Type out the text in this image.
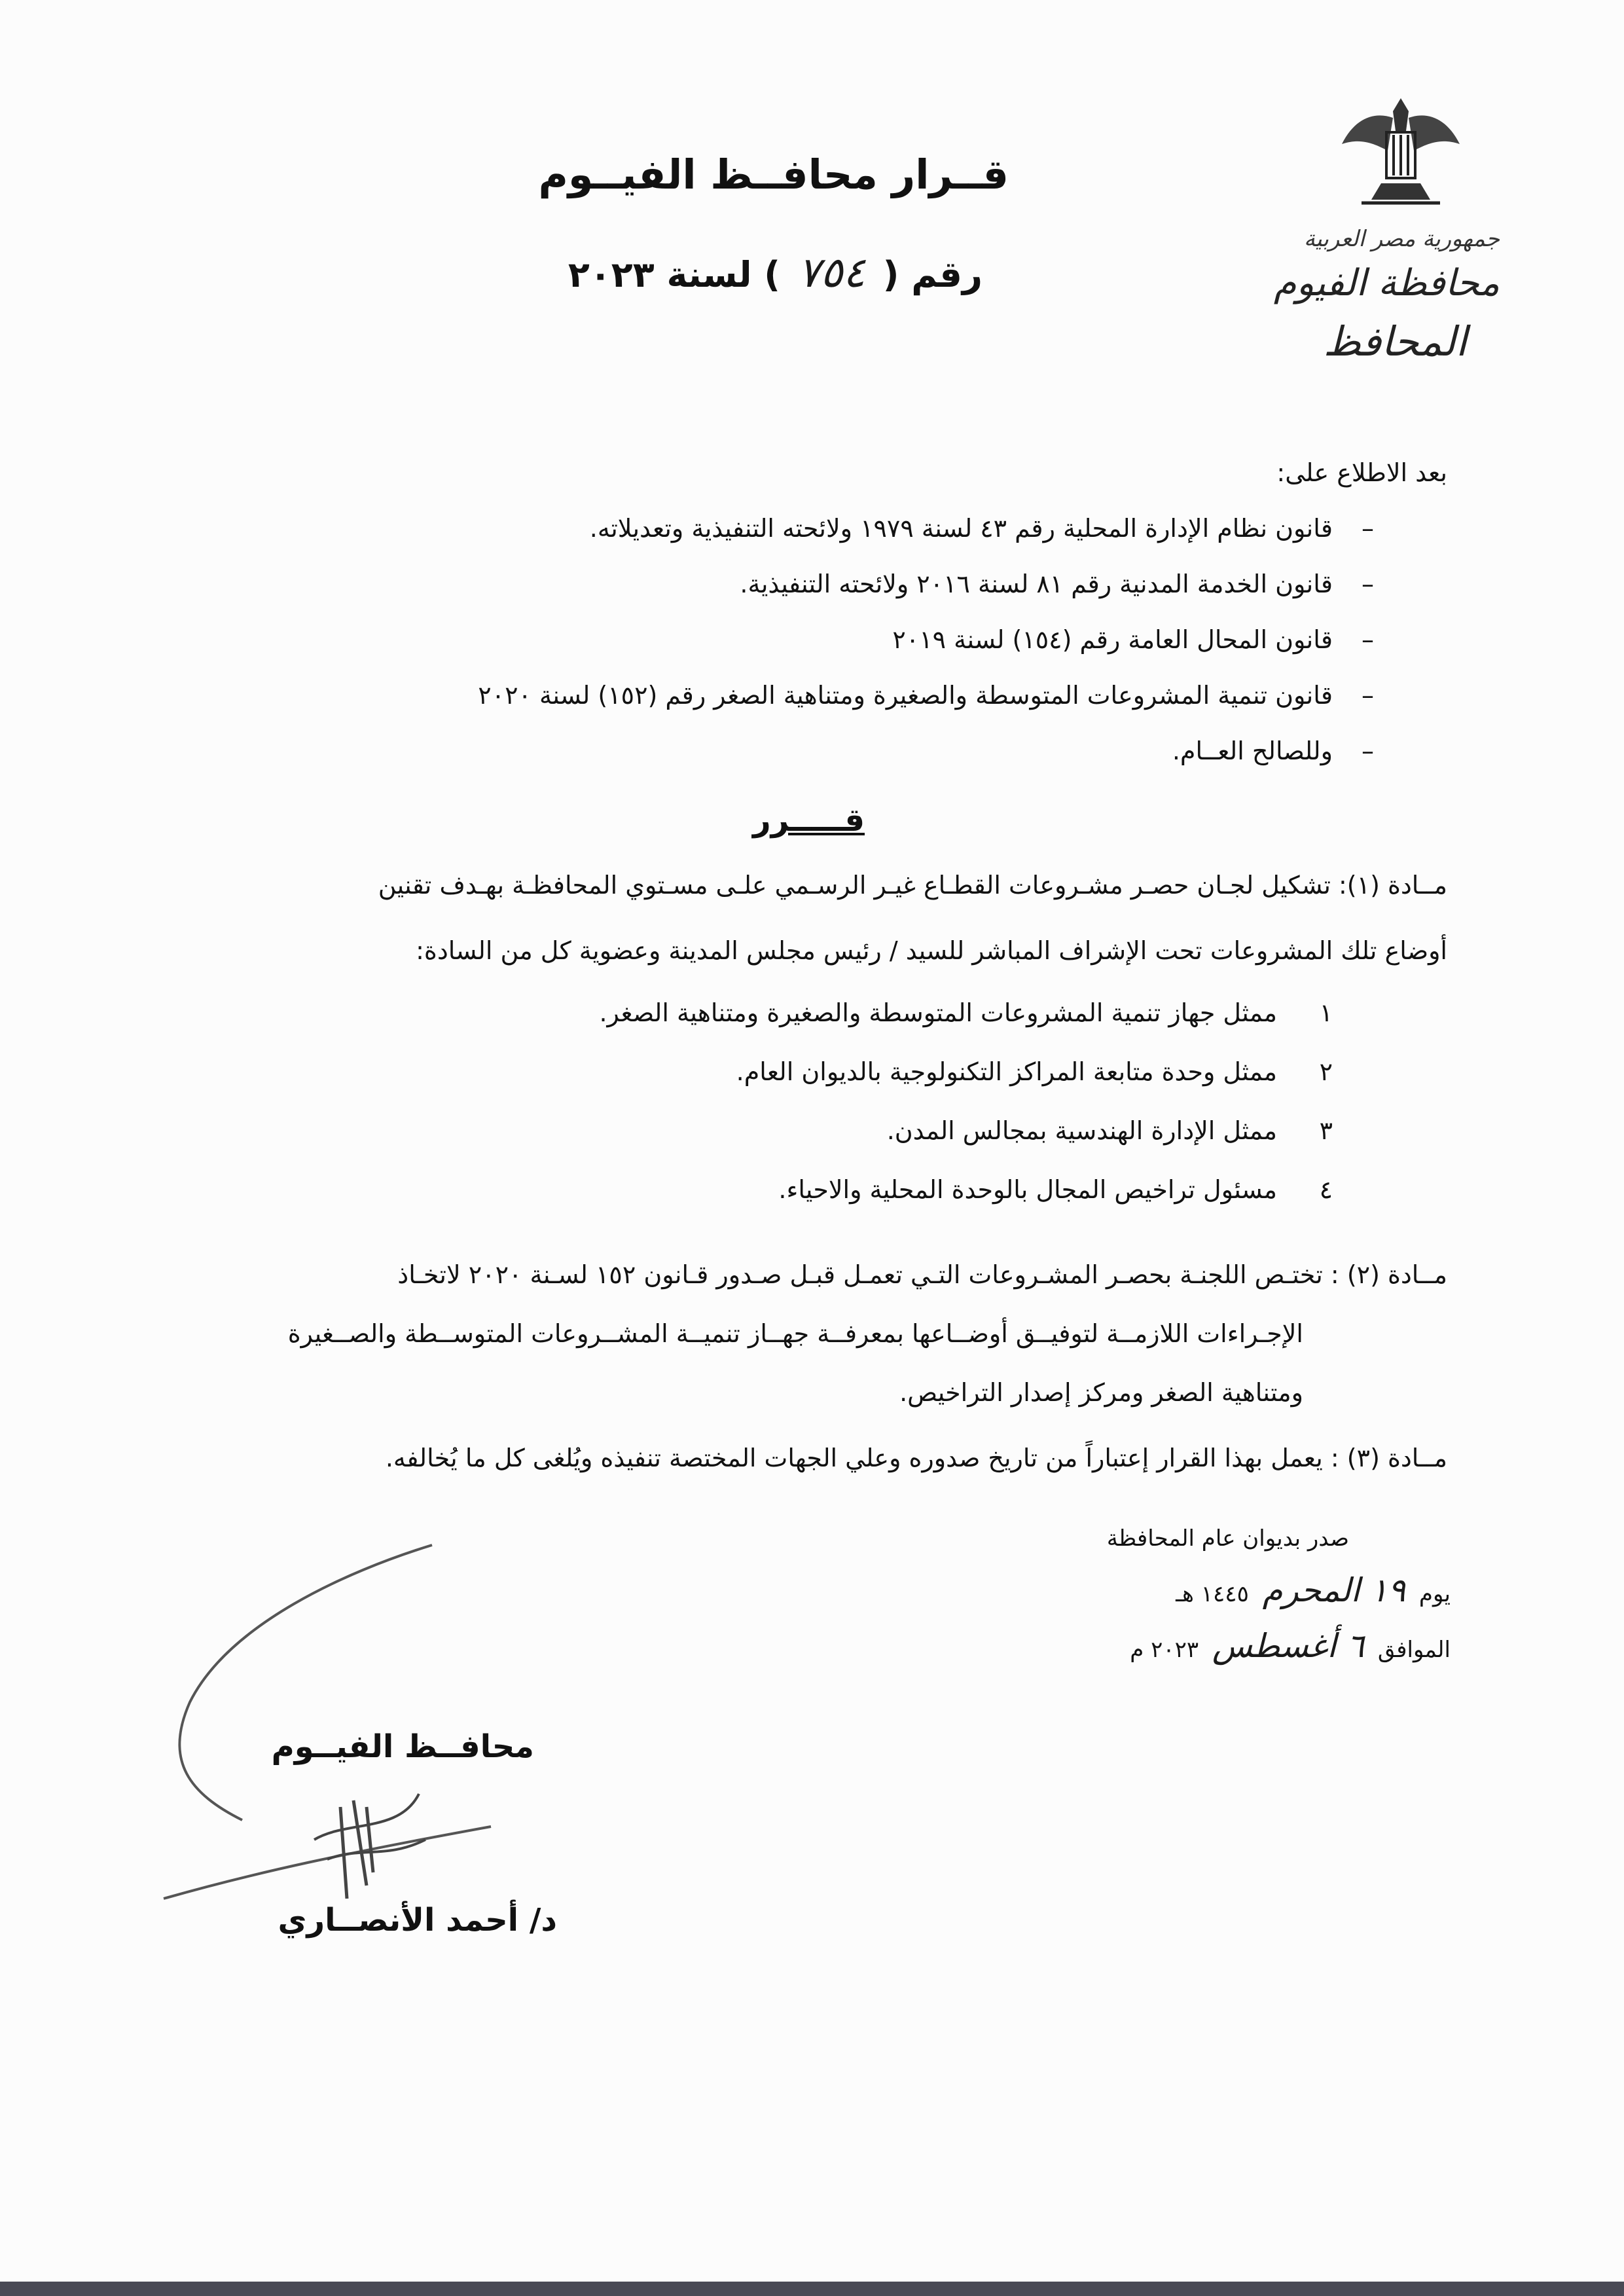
جمهورية مصر العربية
محافظة الفيوم
المحافظ
قــرار محافــظ الفيــوم
رقم ( ٧٥٤ ) لسنة ٢٠٢٣
بعد الاطلاع على:
–
قانون نظام الإدارة المحلية رقم ٤٣ لسنة ١٩٧٩ ولائحته التنفيذية وتعديلاته.
–
قانون الخدمة المدنية رقم ٨١ لسنة ٢٠١٦ ولائحته التنفيذية.
–
قانون المحال العامة رقم (١٥٤) لسنة ٢٠١٩
–
قانون تنمية المشروعات المتوسطة والصغيرة ومتناهية الصغر رقم (١٥٢) لسنة ٢٠٢٠
–
وللصالح العــام.
قـــــرر
مــادة (١): تشكيل لجـان حصـر مشـروعات القطـاع غيـر الرسـمي علـى مسـتوي المحافظـة بهـدف تقنين
أوضاع تلك المشروعات تحت الإشراف المباشر للسيد / رئيس مجلس المدينة وعضوية كل من السادة:
١
ممثل جهاز تنمية المشروعات المتوسطة والصغيرة ومتناهية الصغر.
٢
ممثل وحدة متابعة المراكز التكنولوجية بالديوان العام.
٣
ممثل الإدارة الهندسية بمجالس المدن.
٤
مسئول تراخيص المجال بالوحدة المحلية والاحياء.
مــادة (٢) : تختـص اللجنـة بحصـر المشـروعات التـي تعمـل قبـل صـدور قـانون ١٥٢ لسـنة ٢٠٢٠ لاتخـاذ
الإجـراءات اللازمــة لتوفيــق أوضــاعها بمعرفــة جهــاز تنميــة المشــروعات المتوســطة والصــغيرة
ومتناهية الصغر ومركز إصدار التراخيص.
مــادة (٣) : يعمل بهذا القرار إعتباراً من تاريخ صدوره وعلي الجهات المختصة تنفيذه ويُلغى كل ما يُخالفه.
صدر بديوان عام المحافظة
يوم ١٩ المحرم ١٤٤٥ هـ
الموافق ٦ أغسطس ٢٠٢٣ م
محافــظ الفيــوم
د/ أحمد الأنصــاري
